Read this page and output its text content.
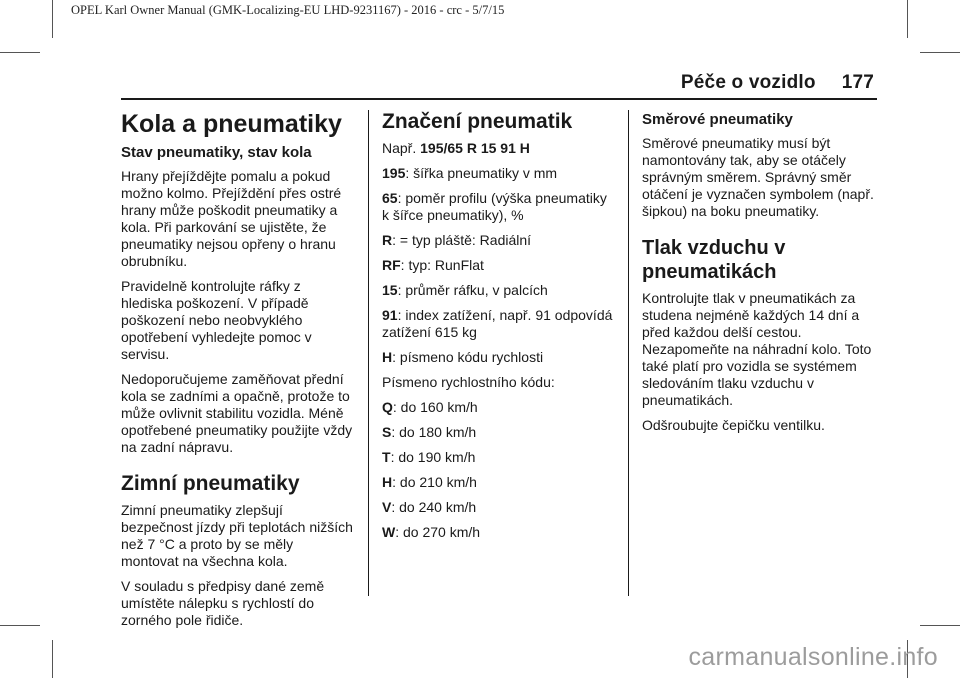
OPEL Karl Owner Manual (GMK-Localizing-EU LHD-9231167) - 2016 - crc - 5/7/15
Péče o vozidlo 177
Kola a pneumatiky
Stav pneumatiky, stav kola

Hrany přejíždějte pomalu a pokud možno kolmo. Přejíždění přes ostré hrany může poškodit pneumatiky a kola. Při parkování se ujistěte, že pneumatiky nejsou opřeny o hranu obrubníku.

Pravidelně kontrolujte ráfky z hlediska poškození. V případě poškození nebo neobvyklého opotřebení vyhledejte pomoc v servisu.

Nedoporučujeme zaměňovat přední kola se zadními a opačně, protože to může ovlivnit stabilitu vozidla. Méně opotřebené pneumatiky použijte vždy na zadní nápravu.

Zimní pneumatiky

Zimní pneumatiky zlepšují bezpečnost jízdy při teplotách nižších než 7 °C a proto by se měly montovat na všechna kola.

V souladu s předpisy dané země umístěte nálepku s rychlostí do zorného pole řidiče.

Značení pneumatik

Např. 195/65 R 15 91 H

195: šířka pneumatiky v mm

65: poměr profilu (výška pneumatiky k šířce pneumatiky), %

R: = typ pláště: Radiální

RF: typ: RunFlat

15: průměr ráfku, v palcích

91: index zatížení, např. 91 odpovídá zatížení 615 kg

H: písmeno kódu rychlosti

Písmeno rychlostního kódu:

Q: do 160 km/h

S: do 180 km/h

T: do 190 km/h

H: do 210 km/h

V: do 240 km/h

W: do 270 km/h

Směrové pneumatiky

Směrové pneumatiky musí být namontovány tak, aby se otáčely správným směrem. Správný směr otáčení je vyznačen symbolem (např. šipkou) na boku pneumatiky.

Tlak vzduchu v pneumatikách

Kontrolujte tlak v pneumatikách za studena nejméně každých 14 dní a před každou delší cestou. Nezapomeňte na náhradní kolo. Toto také platí pro vozidla se systémem sledováním tlaku vzduchu v pneumatikách.

Odšroubujte čepičku ventilku.

carmanualsonline.info
